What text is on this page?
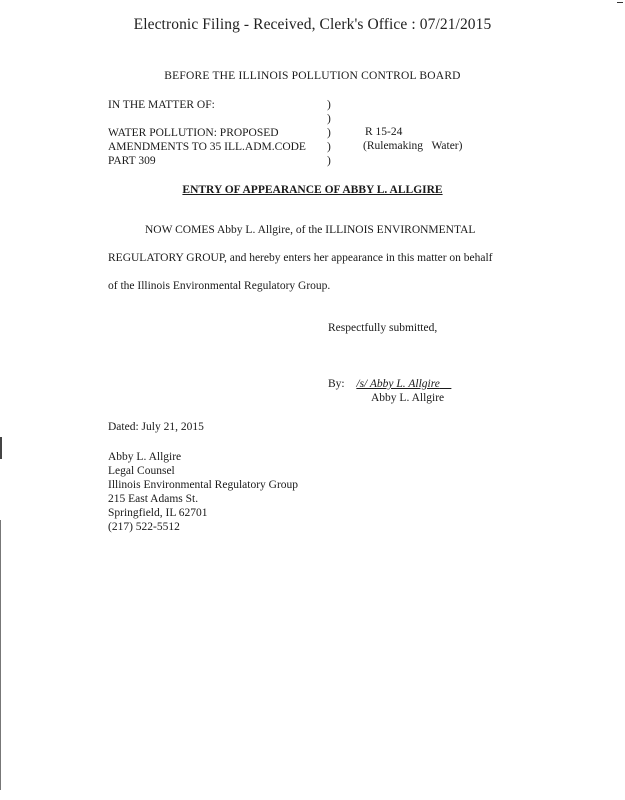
Electronic Filing - Received, Clerk's Office : 07/21/2015
BEFORE THE ILLINOIS POLLUTION CONTROL BOARD
IN THE MATTER OF:
WATER POLLUTION: PROPOSED
AMENDMENTS TO 35 ILL.ADM.CODE
PART 309
)
)
)
)
)
R 15-24
(Rulemaking   Water)
ENTRY OF APPEARANCE OF ABBY L. ALLGIRE
NOW COMES Abby L. Allgire, of the ILLINOIS ENVIRONMENTAL
REGULATORY GROUP, and hereby enters her appearance in this matter on behalf
of the Illinois Environmental Regulatory Group.
Respectfully submitted,
By: /s/ Abby L. Allgire
Abby L. Allgire
Dated: July 21, 2015
Abby L. Allgire
Legal Counsel
Illinois Environmental Regulatory Group
215 East Adams St.
Springfield, IL 62701
(217) 522-5512
